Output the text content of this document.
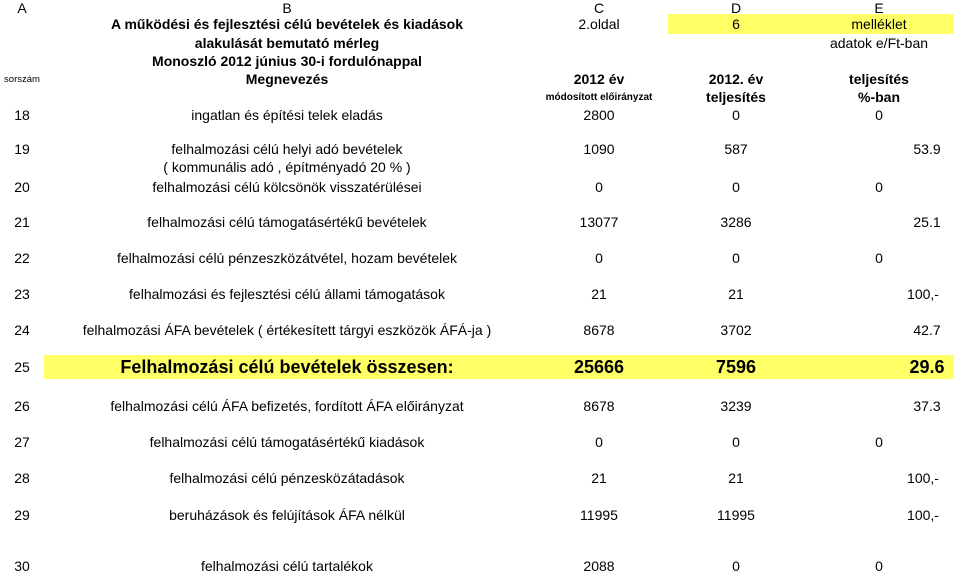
A	B	C	D	E
A működési és fejlesztési célú bevételek és kiadások	2.oldal	6	melléklet
alakulását bemutató mérleg	adatok e/Ft-ban
Monoszló 2012 június 30-i fordulónappal
sorszám	Megnevezés	2012 év	2012. év	teljesítés
módosított előirányzat	teljesítés	%-ban
18	ingatlan és építési telek eladás	2800	0	0
19	felhalmozási célú helyi adó bevételek	1090	587	53.9
( kommunális adó , építményadó 20 % )
20	felhalmozási célú kölcsönök visszatérülései	0	0	0
21	felhalmozási célú támogatásértékű bevételek	13077	3286	25.1
22	felhalmozási célú pénzeszközátvétel, hozam bevételek	0	0	0
23	felhalmozási és fejlesztési célú állami támogatások	21	21	100,-
24	felhalmozási ÁFA bevételek ( értékesített tárgyi eszközök ÁFÁ-ja )	8678	3702	42.7
25	Felhalmozási célú bevételek összesen:	25666	7596	29.6
26	felhalmozási célú ÁFA befizetés, fordított ÁFA előirányzat	8678	3239	37.3
27	felhalmozási célú támogatásértékű kiadások	0	0	0
28	felhalmozási célú pénzesközátadások	21	21	100,-
29	beruházások és felújítások ÁFA nélkül	11995	11995	100,-
30	felhalmozási célú tartalékok	2088	0	0
